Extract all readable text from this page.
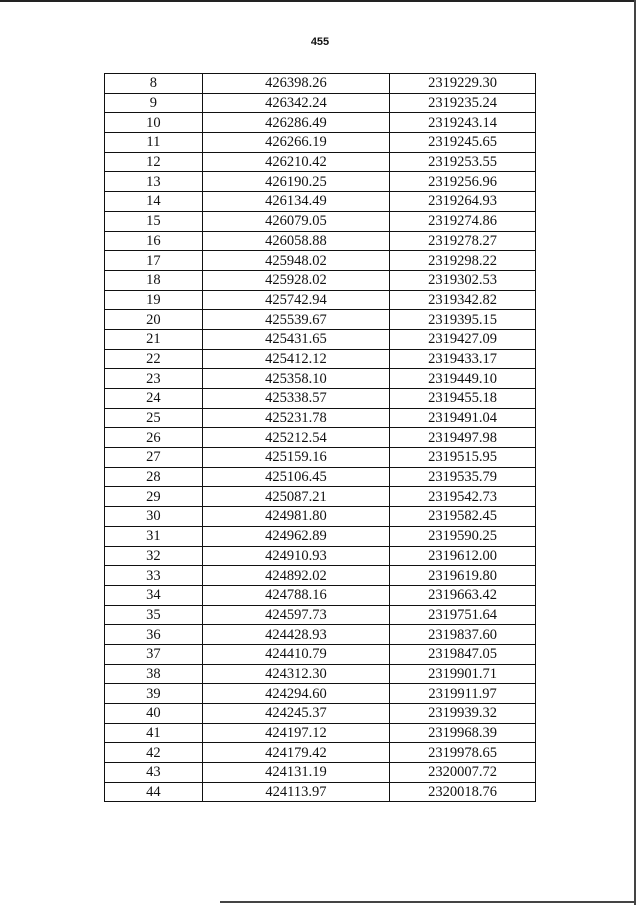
455
8	426398.26	2319229.30
9	426342.24	2319235.24
10	426286.49	2319243.14
11	426266.19	2319245.65
12	426210.42	2319253.55
13	426190.25	2319256.96
14	426134.49	2319264.93
15	426079.05	2319274.86
16	426058.88	2319278.27
17	425948.02	2319298.22
18	425928.02	2319302.53
19	425742.94	2319342.82
20	425539.67	2319395.15
21	425431.65	2319427.09
22	425412.12	2319433.17
23	425358.10	2319449.10
24	425338.57	2319455.18
25	425231.78	2319491.04
26	425212.54	2319497.98
27	425159.16	2319515.95
28	425106.45	2319535.79
29	425087.21	2319542.73
30	424981.80	2319582.45
31	424962.89	2319590.25
32	424910.93	2319612.00
33	424892.02	2319619.80
34	424788.16	2319663.42
35	424597.73	2319751.64
36	424428.93	2319837.60
37	424410.79	2319847.05
38	424312.30	2319901.71
39	424294.60	2319911.97
40	424245.37	2319939.32
41	424197.12	2319968.39
42	424179.42	2319978.65
43	424131.19	2320007.72
44	424113.97	2320018.76
